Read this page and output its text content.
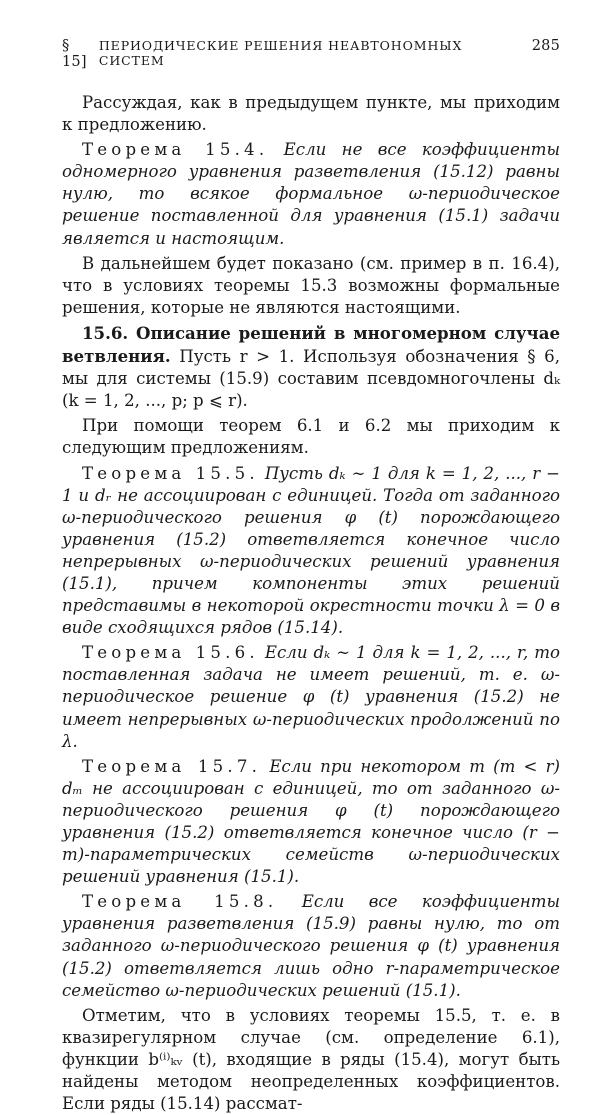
§ 15]
ПЕРИОДИЧЕСКИЕ РЕШЕНИЯ НЕАВТОНОМНЫХ СИСТЕМ
285

Рассуждая, как в предыдущем пункте, мы приходим к предложению.

Теорема 15.4. Если не все коэффициенты одномерного уравнения разветвления (15.12) равны нулю, то всякое формальное ω-периодическое решение поставленной для уравнения (15.1) задачи является и настоящим.

В дальнейшем будет показано (см. пример в п. 16.4), что в условиях теоремы 15.3 возможны формальные решения, которые не являются настоящими.

15.6. Описание решений в многомерном случае ветвления. Пусть r > 1. Используя обозначения § 6, мы для системы (15.9) составим псевдомногочлены dₖ (k = 1, 2, ..., p; p ⩽ r).

При помощи теорем 6.1 и 6.2 мы приходим к следующим предложениям.

Теорема 15.5. Пусть dₖ ∼ 1 для k = 1, 2, ..., r − 1 и dᵣ не ассоциирован с единицей. Тогда от заданного ω-периодического решения φ (t) порождающего уравнения (15.2) ответвляется конечное число непрерывных ω-периодических решений уравнения (15.1), причем компоненты этих решений представимы в некоторой окрестности точки λ = 0 в виде сходящихся рядов (15.14).

Теорема 15.6. Если dₖ ∼ 1 для k = 1, 2, ..., r, то поставленная задача не имеет решений, т. е. ω-периодическое решение φ (t) уравнения (15.2) не имеет непрерывных ω-периодических продолжений по λ.

Теорема 15.7. Если при некотором m (m < r) dₘ не ассоциирован с единицей, то от заданного ω-периодического решения φ (t) порождающего уравнения (15.2) ответвляется конечное число (r − m)-параметрических семейств ω-периодических решений уравнения (15.1).

Теорема 15.8. Если все коэффициенты уравнения разветвления (15.9) равны нулю, то от заданного ω-периодического решения φ (t) уравнения (15.2) ответвляется лишь одно r-параметрическое семейство ω-периодических решений (15.1).

Отметим, что в условиях теоремы 15.5, т. е. в квазирегулярном случае (см. определение 6.1), функции b⁽ⁱ⁾ₖᵥ (t), входящие в ряды (15.4), могут быть найдены методом неопределенных коэффициентов. Если ряды (15.14) рассмат-
